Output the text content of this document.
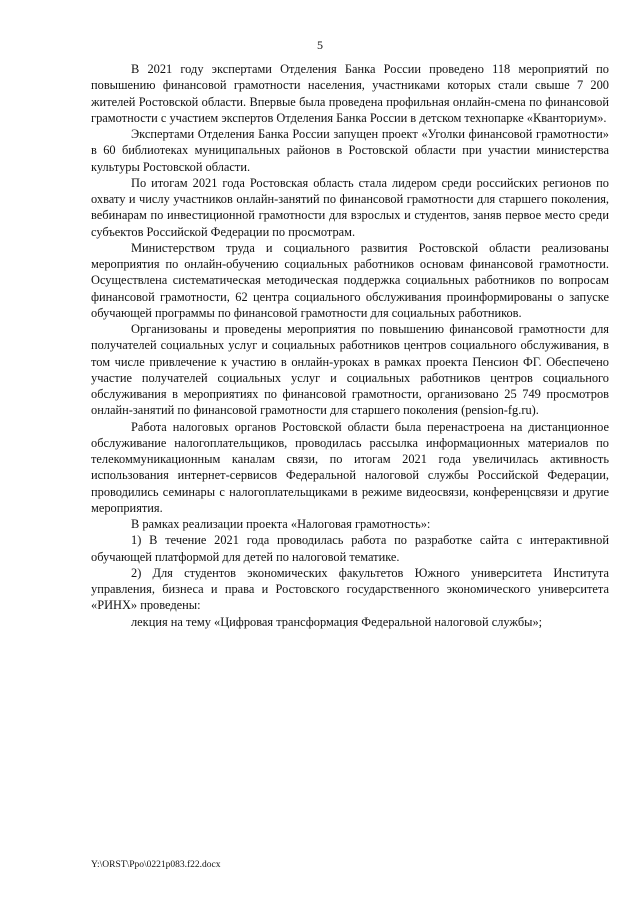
5

В 2021 году экспертами Отделения Банка России проведено 118 мероприятий по повышению финансовой грамотности населения, участниками которых стали свыше 7 200 жителей Ростовской области. Впервые была проведена профильная онлайн-смена по финансовой грамотности с участием экспертов Отделения Банка России в детском технопарке «Кванториум».

Экспертами Отделения Банка России запущен проект «Уголки финансовой грамотности» в 60 библиотеках муниципальных районов в Ростовской области при участии министерства культуры Ростовской области.

По итогам 2021 года Ростовская область стала лидером среди российских регионов по охвату и числу участников онлайн-занятий по финансовой грамотности для старшего поколения, вебинарам по инвестиционной грамотности для взрослых и студентов, заняв первое место среди субъектов Российской Федерации по просмотрам.

Министерством труда и социального развития Ростовской области реализованы мероприятия по онлайн-обучению социальных работников основам финансовой грамотности. Осуществлена систематическая методическая поддержка социальных работников по вопросам финансовой грамотности, 62 центра социального обслуживания проинформированы о запуске обучающей программы по финансовой грамотности для социальных работников.

Организованы и проведены мероприятия по повышению финансовой грамотности для получателей социальных услуг и социальных работников центров социального обслуживания, в том числе привлечение к участию в онлайн-уроках в рамках проекта Пенсион ФГ. Обеспечено участие получателей социальных услуг и социальных работников центров социального обслуживания в мероприятиях по финансовой грамотности, организовано 25 749 просмотров онлайн-занятий по финансовой грамотности для старшего поколения (pension-fg.ru).

Работа налоговых органов Ростовской области была перенастроена на дистанционное обслуживание налогоплательщиков, проводилась рассылка информационных материалов по телекоммуникационным каналам связи, по итогам 2021 года увеличилась активность использования интернет-сервисов Федеральной налоговой службы Российской Федерации, проводились семинары с налогоплательщиками в режиме видеосвязи, конференцсвязи и другие мероприятия.

В рамках реализации проекта «Налоговая грамотность»:

1) В течение 2021 года проводилась работа по разработке сайта с интерактивной обучающей платформой для детей по налоговой тематике.

2) Для студентов экономических факультетов Южного университета Института управления, бизнеса и права и Ростовского государственного экономического университета «РИНХ» проведены:

лекция на тему «Цифровая трансформация Федеральной налоговой службы»;

Y:\ORST\Ppo\0221p083.f22.docx
